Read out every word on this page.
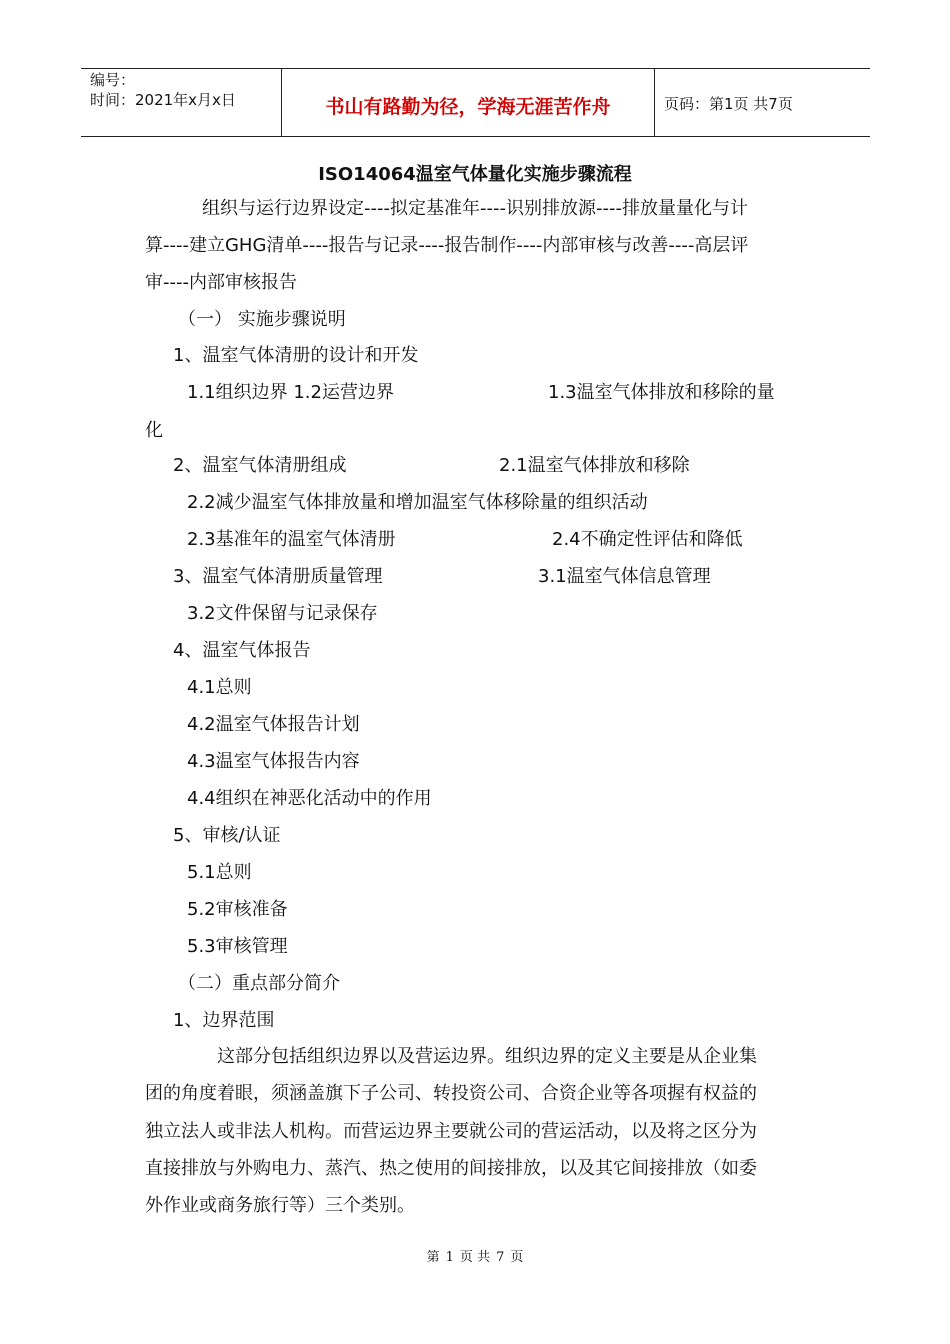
编号：
时间：2021年x月x日	书山有路勤为径，学海无涯苦作舟	页码：第1页 共7页
ISO14064温室气体量化实施步骤流程
组织与运行边界设定----拟定基准年----识别排放源----排放量量化与计
算----建立GHG清单----报告与记录----报告制作----内部审核与改善----高层评
审----内部审核报告
（一） 实施步骤说明
1、温室气体清册的设计和开发
1.1组织边界 1.2运营边界	1.3温室气体排放和移除的量
化
2、温室气体清册组成	2.1温室气体排放和移除
2.2减少温室气体排放量和增加温室气体移除量的组织活动
2.3基准年的温室气体清册	2.4不确定性评估和降低
3、温室气体清册质量管理	3.1温室气体信息管理
3.2文件保留与记录保存
4、温室气体报告
4.1总则
4.2温室气体报告计划
4.3温室气体报告内容
4.4组织在神恶化活动中的作用
5、审核/认证
5.1总则
5.2审核准备
5.3审核管理
（二）重点部分简介
1、边界范围
这部分包括组织边界以及营运边界。组织边界的定义主要是从企业集
团的角度着眼，须涵盖旗下子公司、转投资公司、合资企业等各项握有权益的
独立法人或非法人机构。而营运边界主要就公司的营运活动，以及将之区分为
直接排放与外购电力、蒸汽、热之使用的间接排放，以及其它间接排放（如委
外作业或商务旅行等）三个类别。
第 1 页 共 7 页
